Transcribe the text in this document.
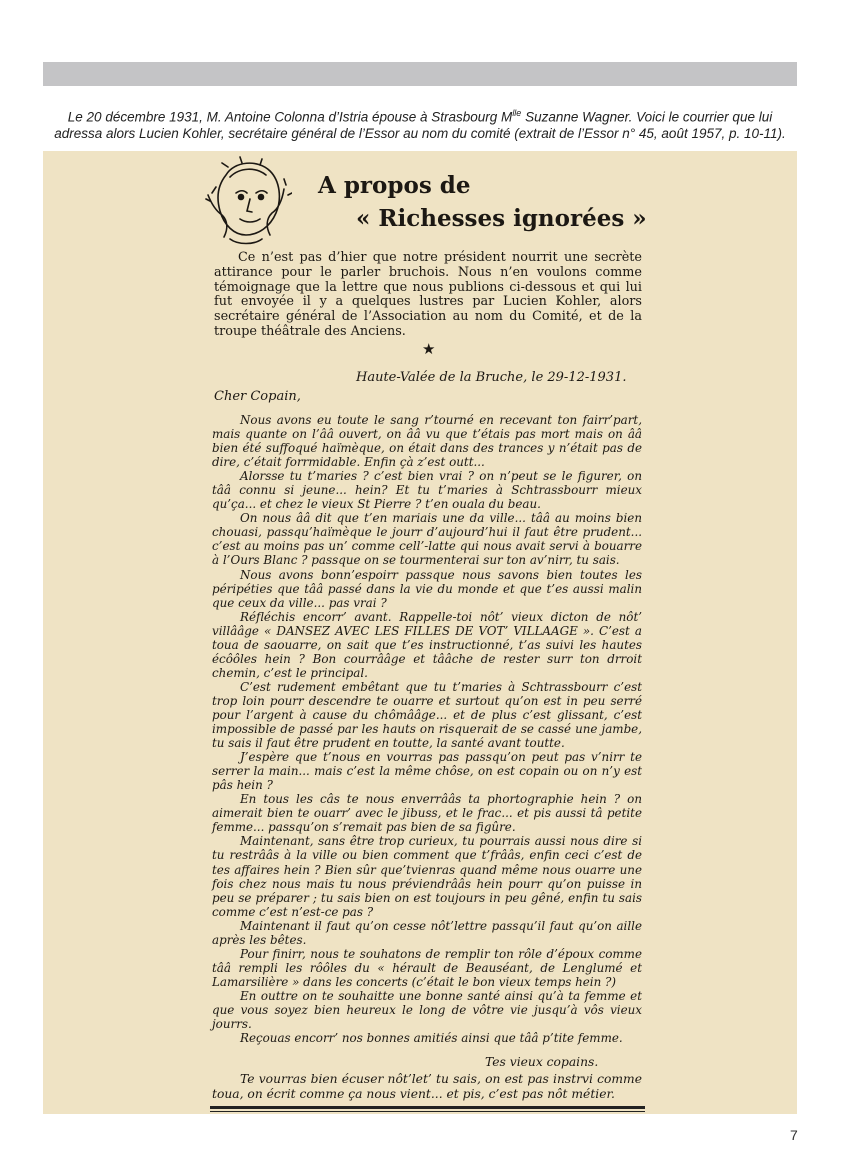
Le 20 décembre 1931, M. Antoine Colonna d’Istria épouse à Strasbourg $M^{lle}$ Suzanne Wagner. Voici le courrier que lui
adressa alors Lucien Kohler, secrétaire général de l’Essor au nom du comité (extrait de l’Essor n° 45, août 1957, p. 10-11).
A propos de
« Richesses ignorées »
Ce n’est pas d’hier que notre président nourrit une secrète attirance pour le parler bruchois. Nous n’en voulons comme témoignage que la lettre que nous publions ci-dessous et qui lui fut envoyée il y a quelques lustres par Lucien Kohler, alors secrétaire général de l’Association au nom du Comité, et de la troupe théâtrale des Anciens.
★
Haute-Valée de la Bruche, le 29-12-1931.
Cher Copain,

Nous avons eu toute le sang r’tourné en recevant ton fairr’part, mais quante on l’ââ ouvert, on ââ vu que t’étais pas mort mais on ââ bien été suffoqué haïmèque, on était dans des trances y n’était pas de dire, c’était forrmidable. Enfin çà z’est outt...

Alorsse tu t’maries ? c’est bien vrai ? on n’peut se le figurer, on tââ connu si jeune... hein? Et tu t’maries à Schtrassbourr mieux qu’ça... et chez le vieux St Pierre ? t’en ouala du beau.

On nous ââ dit que t’en mariais une da ville... tââ au moins bien chouasi, passqu’haïmèque le jourr d’aujourd’hui il faut être prudent... c’est au moins pas un’ comme cell’-latte qui nous avait servi à bouarre à l’Ours Blanc ? passque on se tourmenterai sur ton av’nirr, tu sais.

Nous avons bonn’espoirr passque nous savons bien toutes les péripéties que tââ passé dans la vie du monde et que t’es aussi malin que ceux da ville... pas vrai ?

Réfléchis encorr’ avant. Rappelle-toi nôt’ vieux dicton de nôt’ villââge « DANSEZ AVEC LES FILLES DE VOT’ VILLAAGE ». C’est a toua de saouarre, on sait que t’es instructionné, t’as suivi les hautes écôôles hein ? Bon courrââge et tââche de rester surr ton drroit chemin, c’est le principal.

C’est rudement embêtant que tu t’maries à Schtrassbourr c’est trop loin pourr descendre te ouarre et surtout qu’on est in peu serré pour l’argent à cause du chômââge... et de plus c’est glissant, c’est impossible de passé par les hauts on risquerait de se cassé une jambe, tu sais il faut être prudent en toutte, la santé avant toutte.

J’espère que t’nous en vourras pas passqu’on peut pas v’nirr te serrer la main... mais c’est la même chôse, on est copain ou on n’y est pâs hein ?

En tous les câs te nous enverrââs ta phortographie hein ? on aimerait bien te ouarr’ avec le jibuss, et le frac... et pis aussi tâ petite femme... passqu’on s’remait pas bien de sa figûre.

Maintenant, sans être trop curieux, tu pourrais aussi nous dire si tu restrââs à la ville ou bien comment que t’frââs, enfin ceci c’est de tes affaires hein ? Bien sûr que’tvienras quand même nous ouarre une fois chez nous mais tu nous préviendrââs hein pourr qu’on puisse in peu se préparer ; tu sais bien on est toujours in peu gêné, enfin tu sais comme c’est n’est-ce pas ?

Maintenant il faut qu’on cesse nôt’lettre passqu’il faut qu’on aille après les bêtes.

Pour finirr, nous te souhatons de remplir ton rôle d’époux comme tââ rempli les rôôles du « hérault de Beauséant, de Lenglumé et Lamarsilière » dans les concerts (c’était le bon vieux temps hein ?)

En outtre on te souhaitte une bonne santé ainsi qu’à ta femme et que vous soyez bien heureux le long de vôtre vie jusqu’à vôs vieux jourrs.

Reçouas encorr’ nos bonnes amitiés ainsi que tââ p’tite femme.

Tes vieux copains.

Te vourras bien écuser nôt’let’ tu sais, on est pas instrvi comme toua, on écrit comme ça nous vient... et pis, c’est pas nôt métier.

7
